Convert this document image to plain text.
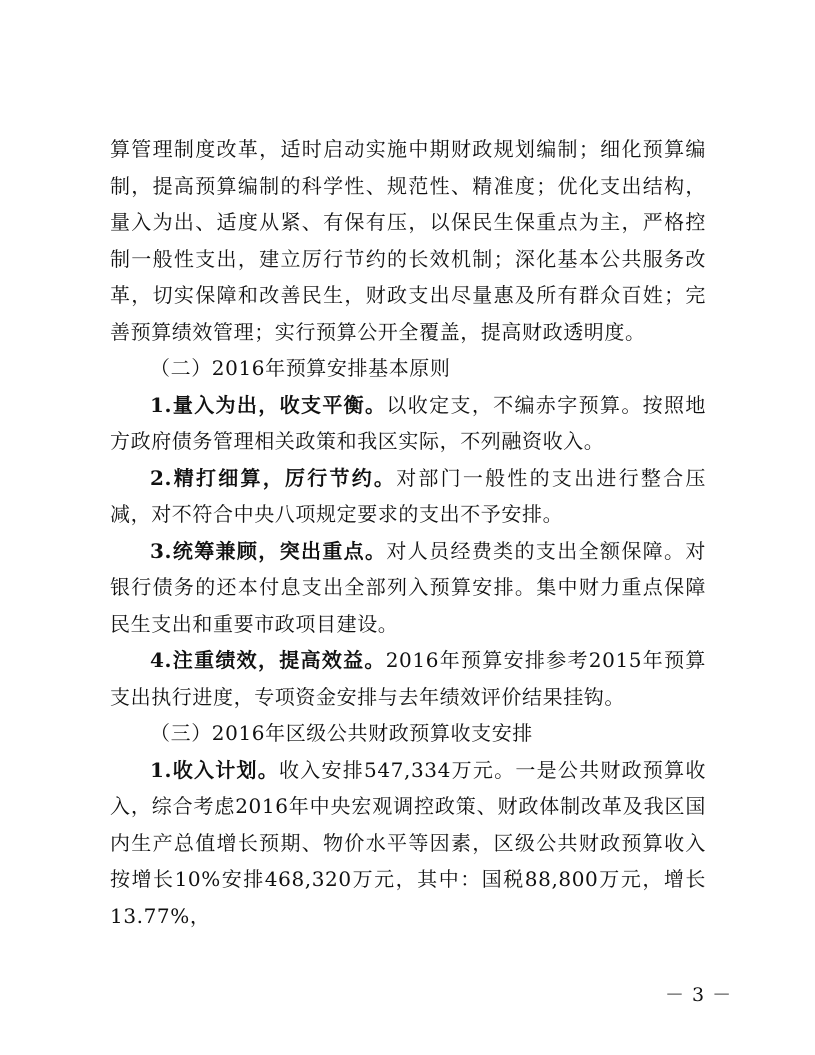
算管理制度改革，适时启动实施中期财政规划编制；细化预算编制，提高预算编制的科学性、规范性、精准度；优化支出结构，量入为出、适度从紧、有保有压，以保民生保重点为主，严格控制一般性支出，建立厉行节约的长效机制；深化基本公共服务改革，切实保障和改善民生，财政支出尽量惠及所有群众百姓；完善预算绩效管理；实行预算公开全覆盖，提高财政透明度。

（二）2016年预算安排基本原则

1.量入为出，收支平衡。以收定支，不编赤字预算。按照地方政府债务管理相关政策和我区实际，不列融资收入。

2.精打细算，厉行节约。对部门一般性的支出进行整合压减，对不符合中央八项规定要求的支出不予安排。

3.统筹兼顾，突出重点。对人员经费类的支出全额保障。对银行债务的还本付息支出全部列入预算安排。集中财力重点保障民生支出和重要市政项目建设。

4.注重绩效，提高效益。2016年预算安排参考2015年预算支出执行进度，专项资金安排与去年绩效评价结果挂钩。

（三）2016年区级公共财政预算收支安排

1.收入计划。收入安排547,334万元。一是公共财政预算收入，综合考虑2016年中央宏观调控政策、财政体制改革及我区国内生产总值增长预期、物价水平等因素，区级公共财政预算收入按增长10%安排468,320万元，其中：国税88,800万元，增长13.77%，

－ 3 －
